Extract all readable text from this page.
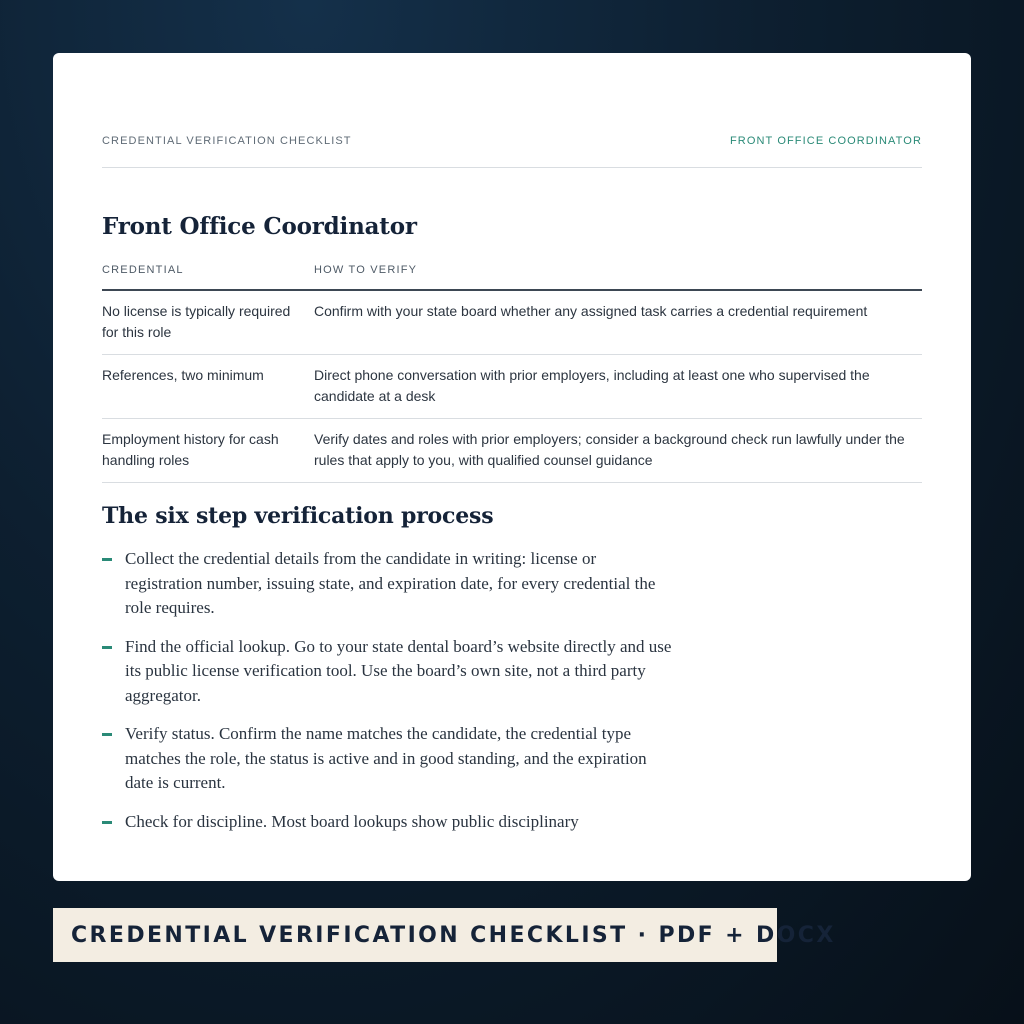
CREDENTIAL VERIFICATION CHECKLIST	FRONT OFFICE COORDINATOR
Front Office Coordinator
CREDENTIAL	HOW TO VERIFY
No license is typically required for this role	Confirm with your state board whether any assigned task carries a credential requirement
References, two minimum	Direct phone conversation with prior employers, including at least one who supervised the candidate at a desk
Employment history for cash handling roles	Verify dates and roles with prior employers; consider a background check run lawfully under the rules that apply to you, with qualified counsel guidance
The six step verification process
Collect the credential details from the candidate in writing: license or registration number, issuing state, and expiration date, for every credential the role requires.
Find the official lookup. Go to your state dental board’s website directly and use its public license verification tool. Use the board’s own site, not a third party aggregator.
Verify status. Confirm the name matches the candidate, the credential type matches the role, the status is active and in good standing, and the expiration date is current.
Check for discipline. Most board lookups show public disciplinary
CREDENTIAL VERIFICATION CHECKLIST · PDF + DOCX
